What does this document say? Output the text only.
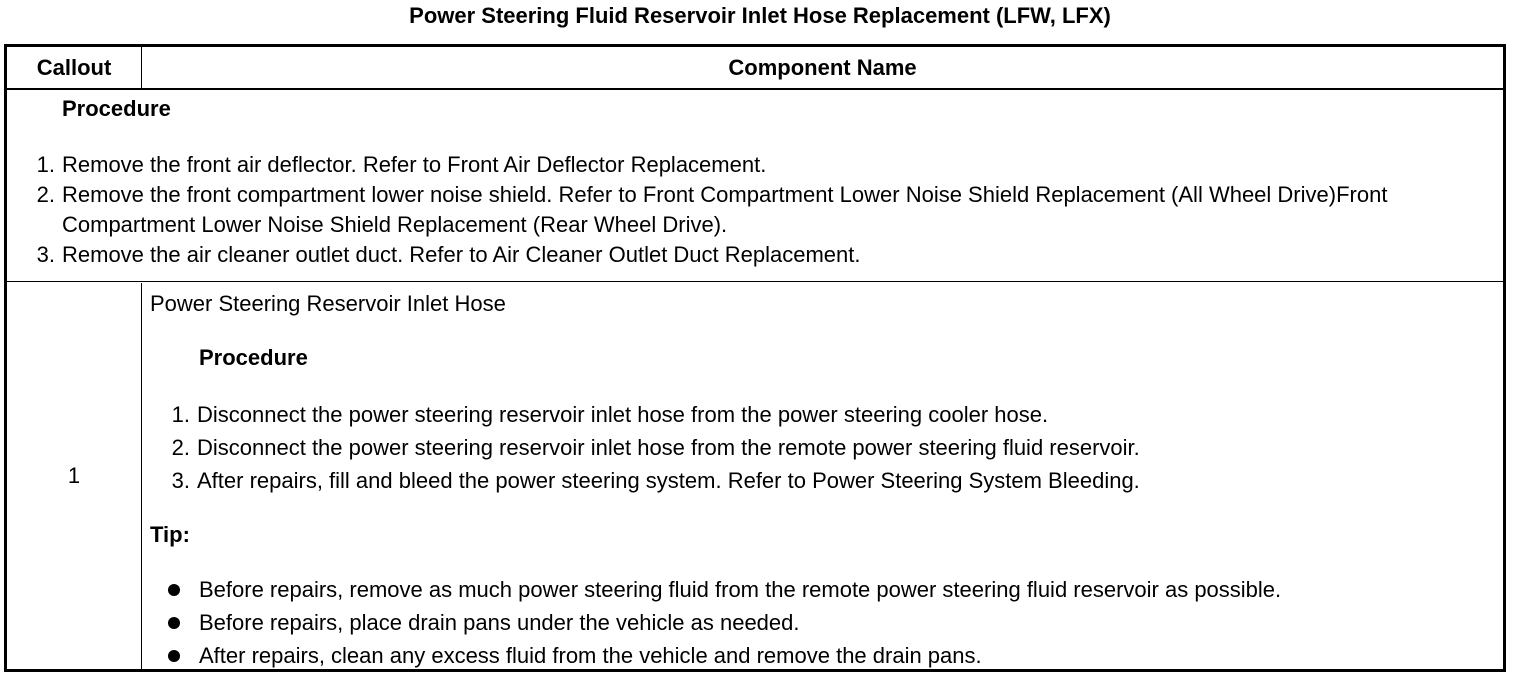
Power Steering Fluid Reservoir Inlet Hose Replacement (LFW, LFX)
Callout	Component Name
Procedure
1. Remove the front air deflector. Refer to Front Air Deflector Replacement.
2. Remove the front compartment lower noise shield. Refer to Front Compartment Lower Noise Shield Replacement (All Wheel Drive)Front Compartment Lower Noise Shield Replacement (Rear Wheel Drive).
3. Remove the air cleaner outlet duct. Refer to Air Cleaner Outlet Duct Replacement.
1
Power Steering Reservoir Inlet Hose
Procedure
1. Disconnect the power steering reservoir inlet hose from the power steering cooler hose.
2. Disconnect the power steering reservoir inlet hose from the remote power steering fluid reservoir.
3. After repairs, fill and bleed the power steering system. Refer to Power Steering System Bleeding.
Tip:
Before repairs, remove as much power steering fluid from the remote power steering fluid reservoir as possible.
Before repairs, place drain pans under the vehicle as needed.
After repairs, clean any excess fluid from the vehicle and remove the drain pans.
